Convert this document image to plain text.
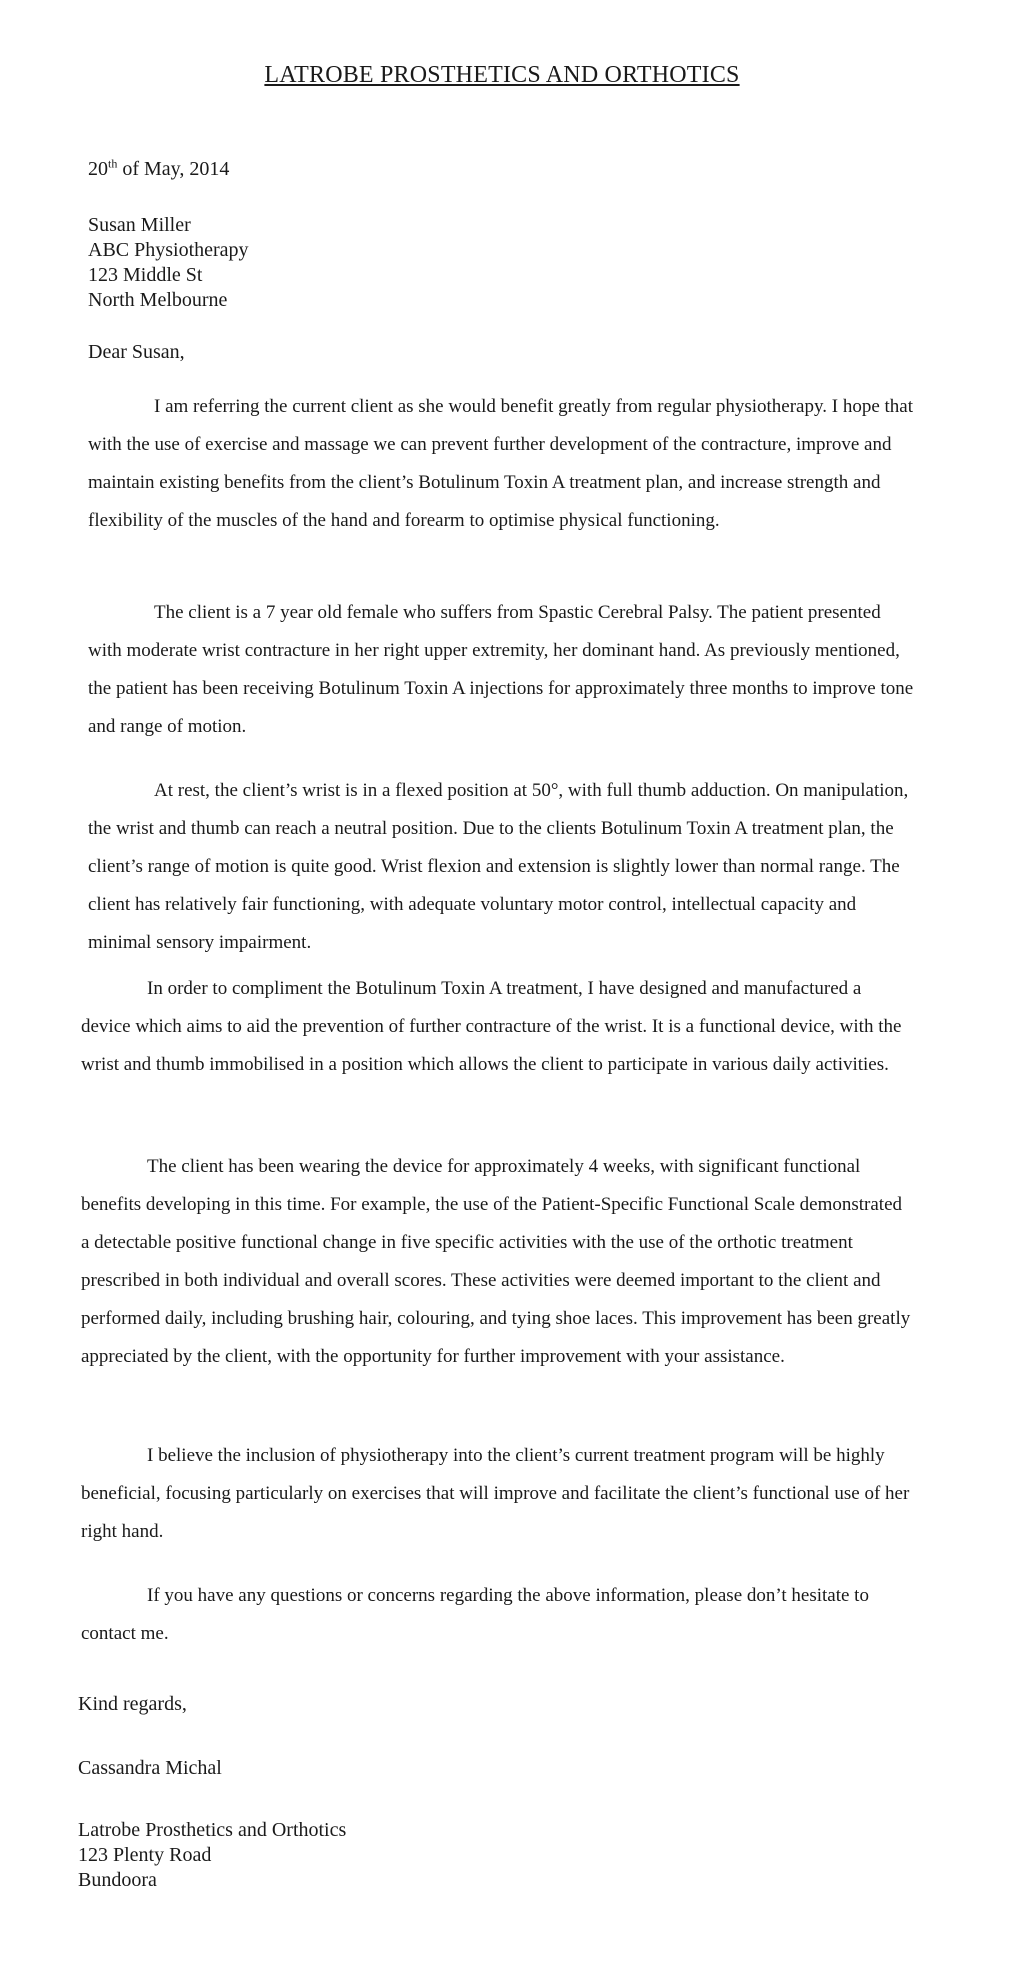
LATROBE PROSTHETICS AND ORTHOTICS

20th of May, 2014

Susan Miller
ABC Physiotherapy
123 Middle St
North Melbourne

Dear Susan,

I am referring the current client as she would benefit greatly from regular physiotherapy. I hope that with the use of exercise and massage we can prevent further development of the contracture, improve and maintain existing benefits from the client’s Botulinum Toxin A treatment plan, and increase strength and flexibility of the muscles of the hand and forearm to optimise physical functioning.

The client is a 7 year old female who suffers from Spastic Cerebral Palsy. The patient presented with moderate wrist contracture in her right upper extremity, her dominant hand. As previously mentioned, the patient has been receiving Botulinum Toxin A injections for approximately three months to improve tone and range of motion.

At rest, the client’s wrist is in a flexed position at 50°, with full thumb adduction. On manipulation, the wrist and thumb can reach a neutral position. Due to the clients Botulinum Toxin A treatment plan, the client’s range of motion is quite good. Wrist flexion and extension is slightly lower than normal range. The client has relatively fair functioning, with adequate voluntary motor control, intellectual capacity and minimal sensory impairment.

In order to compliment the Botulinum Toxin A treatment, I have designed and manufactured a device which aims to aid the prevention of further contracture of the wrist. It is a functional device, with the wrist and thumb immobilised in a position which allows the client to participate in various daily activities.

The client has been wearing the device for approximately 4 weeks, with significant functional benefits developing in this time. For example, the use of the Patient-Specific Functional Scale demonstrated a detectable positive functional change in five specific activities with the use of the orthotic treatment prescribed in both individual and overall scores. These activities were deemed important to the client and performed daily, including brushing hair, colouring, and tying shoe laces. This improvement has been greatly appreciated by the client, with the opportunity for further improvement with your assistance.

I believe the inclusion of physiotherapy into the client’s current treatment program will be highly beneficial, focusing particularly on exercises that will improve and facilitate the client’s functional use of her right hand.

If you have any questions or concerns regarding the above information, please don’t hesitate to contact me.

Kind regards,

Cassandra Michal

Latrobe Prosthetics and Orthotics
123 Plenty Road
Bundoora
